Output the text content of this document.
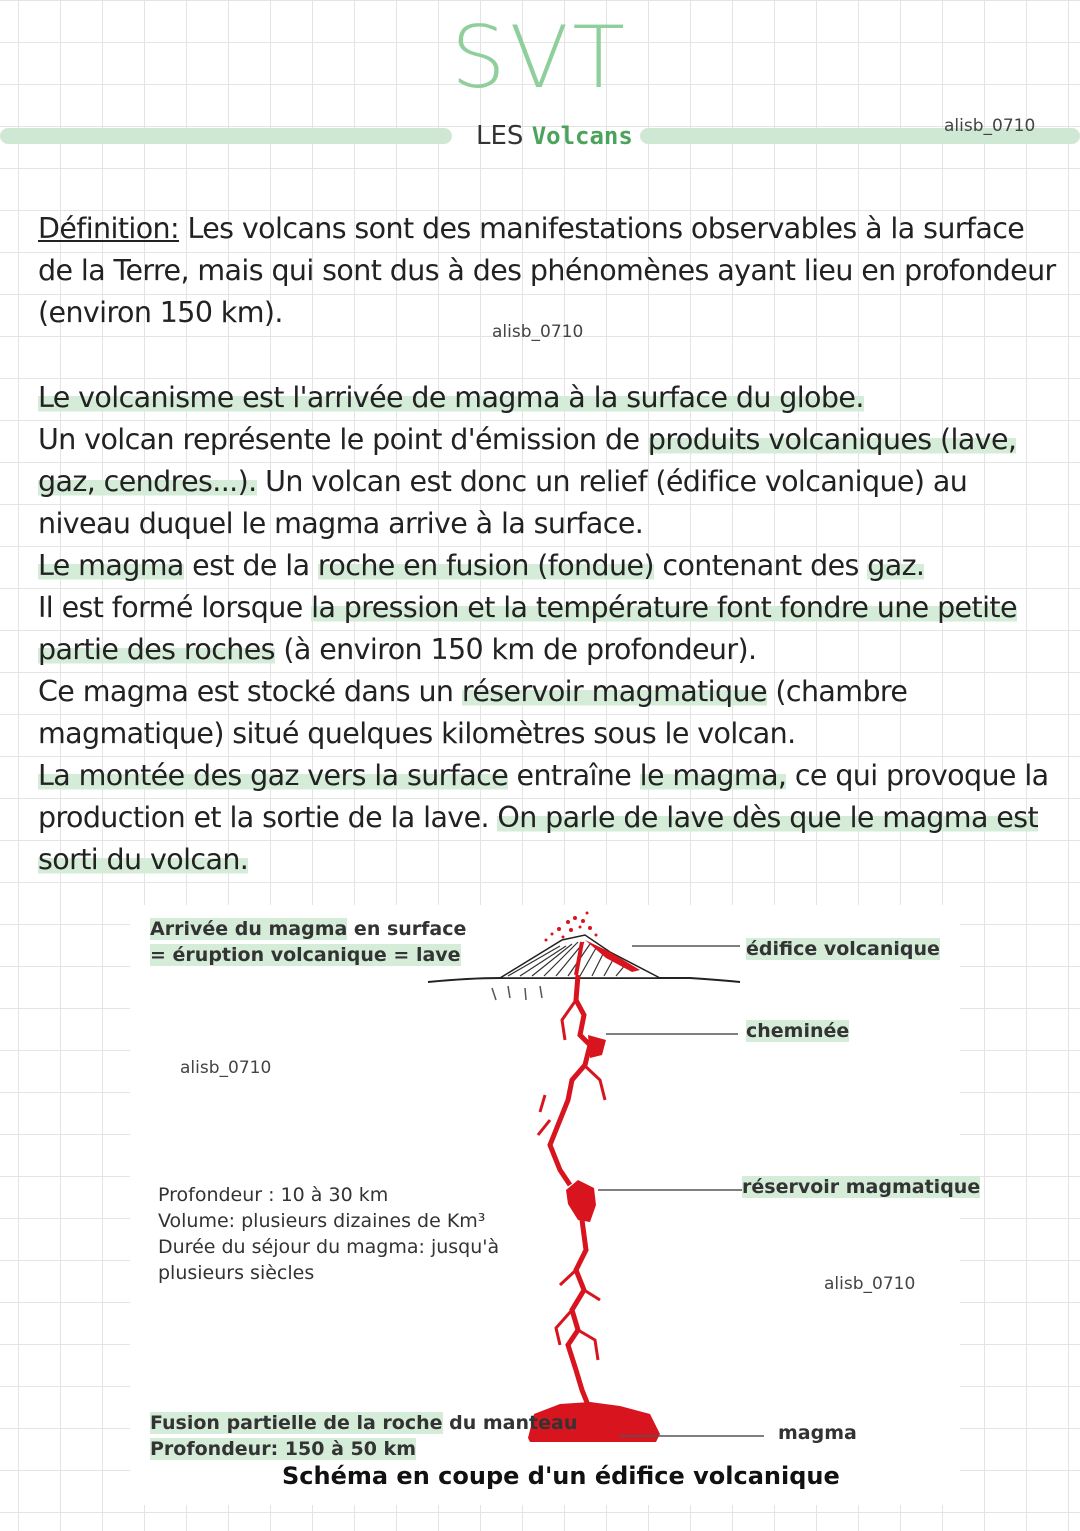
SVT
LES Volcans	alisb_0710
Définition: Les volcans sont des manifestations observables à la surface de la Terre, mais qui sont dus à des phénomènes ayant lieu en profondeur (environ 150 km).
alisb_0710
Le volcanisme est l'arrivée de magma à la surface du globe.
Un volcan représente le point d'émission de produits volcaniques (lave, gaz, cendres...). Un volcan est donc un relief (édifice volcanique) au niveau duquel le magma arrive à la surface.
Le magma est de la roche en fusion (fondue) contenant des gaz.
Il est formé lorsque la pression et la température font fondre une petite partie des roches (à environ 150 km de profondeur).
Ce magma est stocké dans un réservoir magmatique (chambre magmatique) situé quelques kilomètres sous le volcan.
La montée des gaz vers la surface entraîne le magma, ce qui provoque la production et la sortie de la lave. On parle de lave dès que le magma est sorti du volcan.
Arrivée du magma en surface
= éruption volcanique = lave
alisb_0710
édifice volcanique
cheminée
réservoir magmatique
alisb_0710
Profondeur : 10 à 30 km
Volume: plusieurs dizaines de Km³
Durée du séjour du magma: jusqu'à
plusieurs siècles
Fusion partielle de la roche du manteau
Profondeur: 150 à 50 km
magma
Schéma en coupe d'un édifice volcanique
